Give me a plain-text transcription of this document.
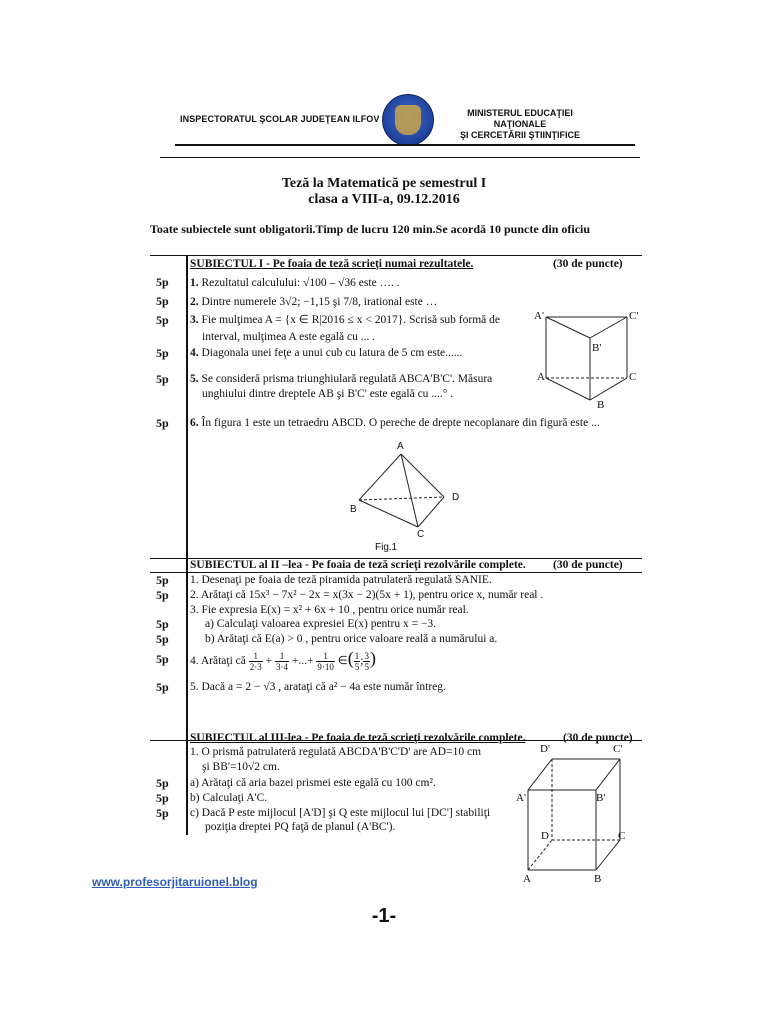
INSPECTORATUL ŞCOLAR JUDEŢEAN ILFOV
MINISTERUL EDUCAŢIEI NAŢIONALE
ŞI CERCETĂRII ŞTIINŢIFICE
Teză la Matematică pe semestrul I
clasa a VIII-a, 09.12.2016
Toate subiectele sunt obligatorii.Timp de lucru 120 min.Se acordă 10 puncte din oficiu
SUBIECTUL I - Pe foaia de teză scrieţi numai rezultatele.	(30 de puncte)
5p	1. Rezultatul calculului: √100 – √36 este …. .
5p	2. Dintre numerele 3√2; −1,15 şi 7/8, irational este …
5p	3. Fie mulţimea A = {x ∈ R|2016 ≤ x < 2017}. Scrisă sub formă de
interval, mulţimea A este egală cu ... .
5p	4. Diagonala unei feţe a unui cub cu latura de 5 cm este......
5p	5. Se consideră prisma triunghiulară regulată ABCA'B'C'. Măsura
unghiului dintre dreptele AB şi B'C' este egală cu ....° .
5p	6. În figura 1 este un tetraedru ABCD. O pereche de drepte necoplanare din figură este ...
A'	C'
B'
A	C
B
A
B
C
D
Fig.1
SUBIECTUL al II –lea - Pe foaia de teză scrieţi rezolvările complete. (30 de puncte)
5p	1. Desenaţi pe foaia de teză piramida patrulateră regulată SANIE.
5p	2. Arătaţi că 15x³ − 7x² − 2x = x(3x − 2)(5x + 1), pentru orice x, număr real .
3. Fie expresia E(x) = x² + 6x + 10 , pentru orice număr real.
5p	a) Calculaţi valoarea expresiei E(x) pentru x = −3.
5p	b) Arătaţi că E(a) > 0 , pentru orice valoare reală a numărului a.
5p	4. Arătaţi că $\frac{1}{2\cdot 3} + \frac{1}{3\cdot 4}$ +...+ $\frac{1}{9\cdot 10}$ ∈( $\frac{1}{5}$ ; $\frac{3}{5}$ )
5p	5. Dacă a = 2 − √3 , arataţi că a² − 4a este număr întreg.
SUBIECTUL al III-lea - Pe foaia de teză scrieţi rezolvările complete.	(30 de puncte)
1. O prismă patrulateră regulată ABCDA'B'C'D' are AD=10 cm
şi BB'=10√2 cm.
5p	a) Arătaţi că aria bazei prismei este egală cu 100 cm².
5p	b) Calculaţi A'C.
5p	c) Dacă P este mijlocul [A'D] şi Q este mijlocul lui [DC'] stabiliţi
poziţia dreptei PQ faţă de planul (A'BC').
D'	C'
A'	B'
D	C
A	B
www.profesorjitaruionel.blog
-1-
